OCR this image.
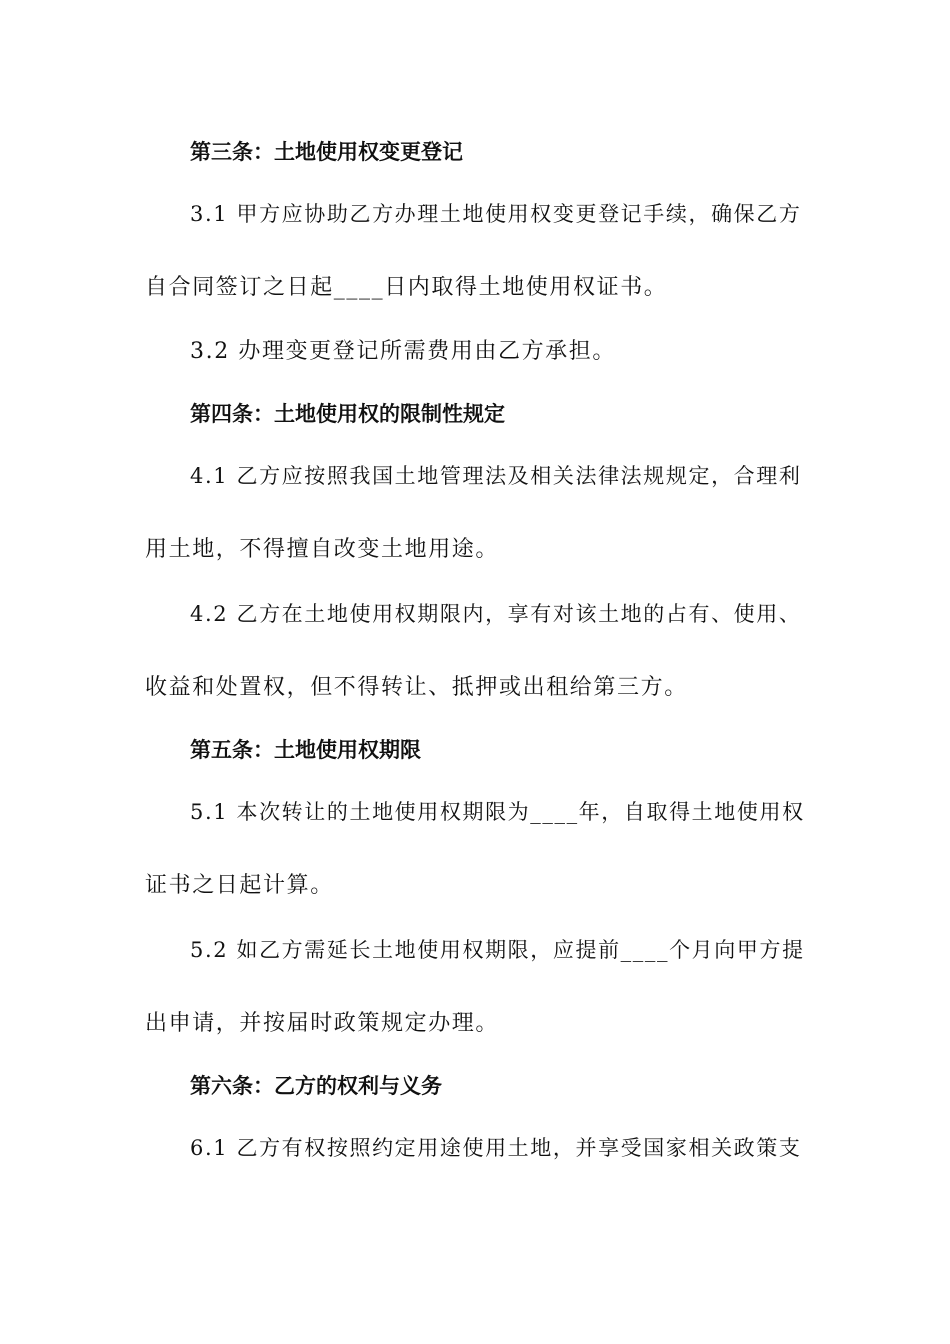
第三条：土地使用权变更登记
3.1 甲方应协助乙方办理土地使用权变更登记手续，确保乙方
自合同签订之日起____日内取得土地使用权证书。
3.2 办理变更登记所需费用由乙方承担。
第四条：土地使用权的限制性规定
4.1 乙方应按照我国土地管理法及相关法律法规规定，合理利
用土地，不得擅自改变土地用途。
4.2 乙方在土地使用权期限内，享有对该土地的占有、使用、
收益和处置权，但不得转让、抵押或出租给第三方。
第五条：土地使用权期限
5.1 本次转让的土地使用权期限为____年，自取得土地使用权
证书之日起计算。
5.2 如乙方需延长土地使用权期限，应提前____个月向甲方提
出申请，并按届时政策规定办理。
第六条：乙方的权利与义务
6.1 乙方有权按照约定用途使用土地，并享受国家相关政策支
